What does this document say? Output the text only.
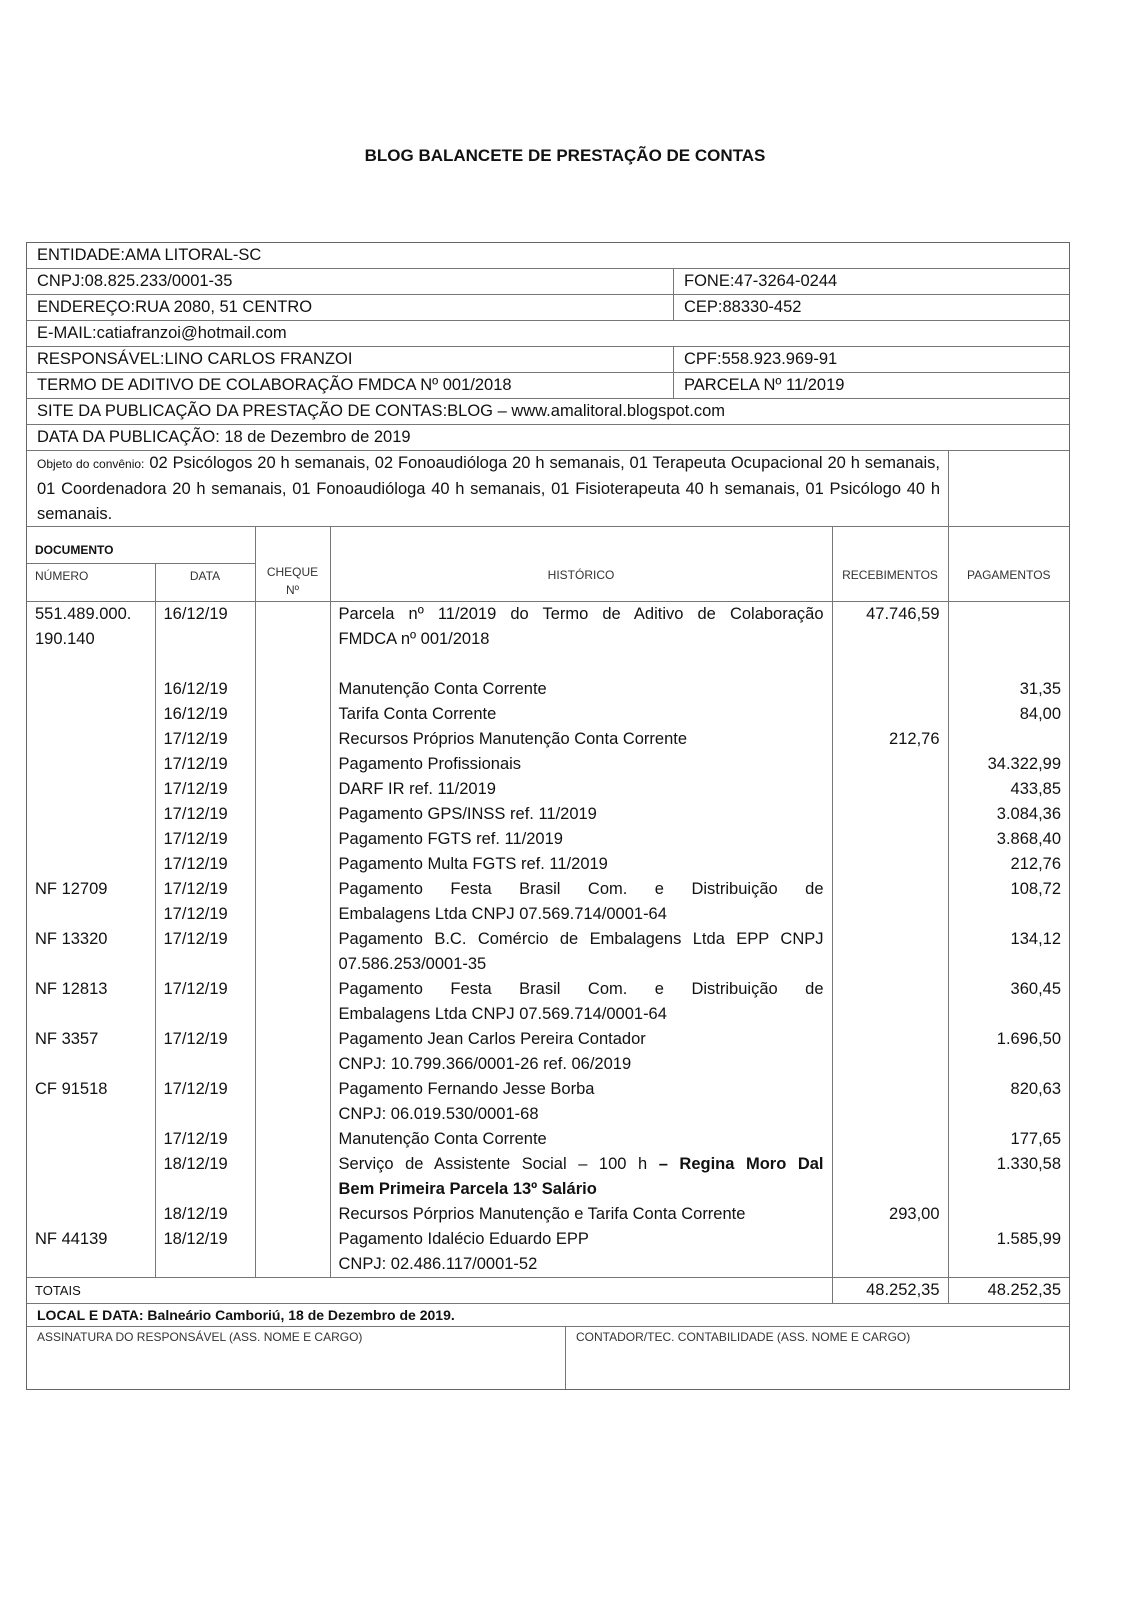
BLOG BALANCETE DE PRESTAÇÃO DE CONTAS
ENTIDADE:AMA LITORAL-SC
CNPJ:08.825.233/0001-35	FONE:47-3264-0244
ENDEREÇO:RUA 2080, 51 CENTRO	CEP:88330-452
E-MAIL:catiafranzoi@hotmail.com
RESPONSÁVEL:LINO CARLOS FRANZOI	CPF:558.923.969-91
TERMO DE ADITIVO DE COLABORAÇÃO FMDCA Nº 001/2018	PARCELA Nº 11/2019
SITE DA PUBLICAÇÃO DA PRESTAÇÃO DE CONTAS:BLOG – www.amalitoral.blogspot.com
DATA DA PUBLICAÇÃO: 18 de Dezembro de 2019
Objeto do convênio: 02 Psicólogos 20 h semanais, 02 Fonoaudióloga 20 h semanais, 01 Terapeuta Ocupacional 20 h semanais, 01 Coordenadora 20 h semanais, 01 Fonoaudióloga 40 h semanais, 01 Fisioterapeuta 40 h semanais, 01 Psicólogo 40 h semanais.
DOCUMENTO		CHEQUE Nº	HISTÓRICO	RECEBIMENTOS	PAGAMENTOS
NÚMERO	DATA				
551.489.000.	16/12/19		Parcela nº 11/2019 do Termo de Aditivo de Colaboração	47.746,59	
190.140			FMDCA nº 001/2018		

	16/12/19		Manutenção Conta Corrente		31,35
	16/12/19		Tarifa Conta Corrente		84,00
	17/12/19		Recursos Próprios Manutenção Conta Corrente	212,76	
	17/12/19		Pagamento Profissionais		34.322,99
	17/12/19		DARF IR ref. 11/2019		433,85
	17/12/19		Pagamento GPS/INSS ref. 11/2019		3.084,36
	17/12/19		Pagamento FGTS ref. 11/2019		3.868,40
	17/12/19		Pagamento Multa FGTS ref. 11/2019		212,76
NF 12709	17/12/19		Pagamento Festa Brasil Com. e Distribuição de		108,72
	17/12/19		Embalagens Ltda CNPJ 07.569.714/0001-64		
NF 13320	17/12/19		Pagamento B.C. Comércio de Embalagens Ltda EPP CNPJ		134,12
			07.586.253/0001-35		
NF 12813	17/12/19		Pagamento Festa Brasil Com. e Distribuição de		360,45
			Embalagens Ltda CNPJ 07.569.714/0001-64		
NF 3357	17/12/19		Pagamento Jean Carlos Pereira Contador		1.696,50
			CNPJ: 10.799.366/0001-26 ref. 06/2019		
CF 91518	17/12/19		Pagamento Fernando Jesse Borba		820,63
			CNPJ: 06.019.530/0001-68		
	17/12/19		Manutenção Conta Corrente		177,65
	18/12/19		Serviço de Assistente Social – 100 h – Regina Moro Dal		1.330,58
			Bem Primeira Parcela 13º Salário		
	18/12/19		Recursos Pórprios Manutenção e Tarifa Conta Corrente	293,00	
NF 44139	18/12/19		Pagamento Idalécio Eduardo EPP		1.585,99
			CNPJ: 02.486.117/0001-52		
TOTAIS				48.252,35	48.252,35
LOCAL E DATA: Balneário Camboriú, 18 de Dezembro de 2019.
ASSINATURA DO RESPONSÁVEL (ASS. NOME E CARGO)	CONTADOR/TEC. CONTABILIDADE (ASS. NOME E CARGO)
